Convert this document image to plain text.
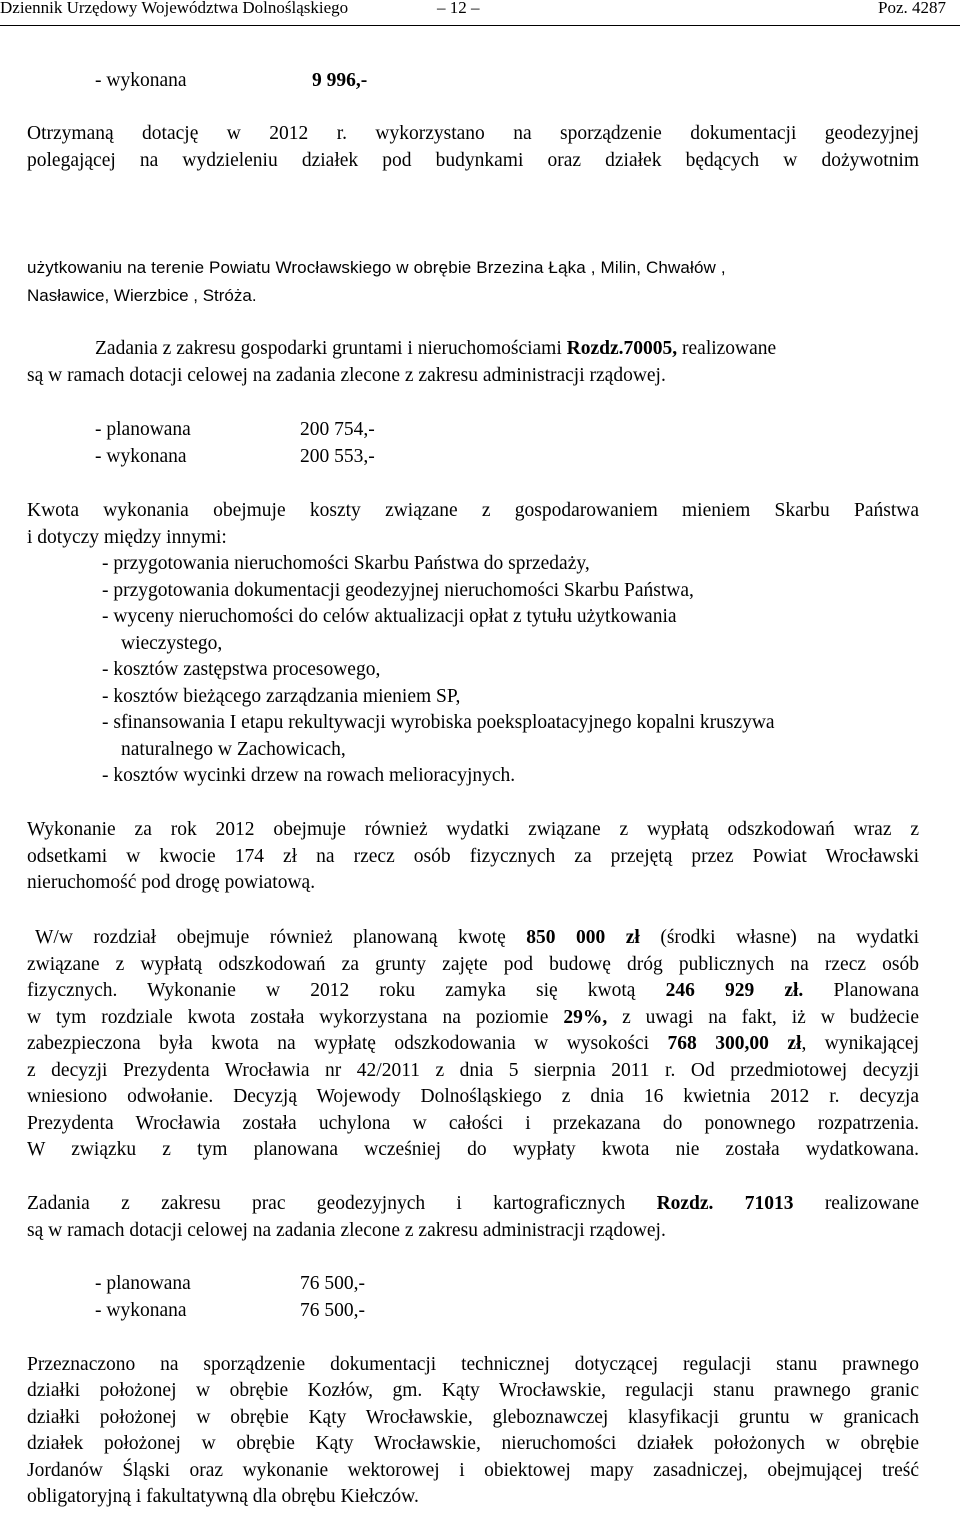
Dziennik Urzędowy Województwa Dolnośląskiego	– 12 –	Poz. 4287
- wykonana	9 996,-
Otrzymaną dotację w 2012 r. wykorzystano na sporządzenie dokumentacji geodezyjnej
polegającej na wydzieleniu działek pod budynkami oraz działek będących w dożywotnim
użytkowaniu na terenie Powiatu Wrocławskiego w obrębie Brzezina Łąka , Milin, Chwałów ,
Nasławice, Wierzbice , Stróża.
Zadania z zakresu gospodarki gruntami i nieruchomościami Rozdz.70005, realizowane
są w ramach dotacji celowej na zadania zlecone z zakresu administracji rządowej.
- planowana	200 754,-
- wykonana	200 553,-
Kwota wykonania obejmuje koszty związane z gospodarowaniem mieniem Skarbu Państwa
i dotyczy między innymi:
- przygotowania nieruchomości Skarbu Państwa do sprzedaży,
- przygotowania dokumentacji geodezyjnej nieruchomości Skarbu Państwa,
- wyceny nieruchomości do celów aktualizacji opłat z tytułu użytkowania
wieczystego,
- kosztów zastępstwa procesowego,
- kosztów bieżącego zarządzania mieniem SP,
- sfinansowania I etapu rekultywacji wyrobiska poeksploatacyjnego kopalni kruszywa
naturalnego w Zachowicach,
- kosztów wycinki drzew na rowach melioracyjnych.
Wykonanie za rok 2012 obejmuje również wydatki związane z wypłatą odszkodowań wraz z
odsetkami w kwocie 174 zł na rzecz osób fizycznych za przejętą przez Powiat Wrocławski
nieruchomość pod drogę powiatową.
W/w rozdział obejmuje również planowaną kwotę 850 000 zł (środki własne) na wydatki
związane z wypłatą odszkodowań za grunty zajęte pod budowę dróg publicznych na rzecz osób
fizycznych. Wykonanie w 2012 roku zamyka się kwotą 246 929 zł. Planowana
w tym rozdziale kwota została wykorzystana na poziomie 29%, z uwagi na fakt, iż w budżecie
zabezpieczona była kwota na wypłatę odszkodowania w wysokości 768 300,00 zł, wynikającej
z decyzji Prezydenta Wrocławia nr 42/2011 z dnia 5 sierpnia 2011 r. Od przedmiotowej decyzji
wniesiono odwołanie. Decyzją Wojewody Dolnośląskiego z dnia 16 kwietnia 2012 r. decyzja
Prezydenta Wrocławia została uchylona w całości i przekazana do ponownego rozpatrzenia.
W związku z tym planowana wcześniej do wypłaty kwota nie została wydatkowana.
Zadania z zakresu prac geodezyjnych i kartograficznych Rozdz. 71013 realizowane
są w ramach dotacji celowej na zadania zlecone z zakresu administracji rządowej.
- planowana	76 500,-
- wykonana	76 500,-
Przeznaczono na sporządzenie dokumentacji technicznej dotyczącej regulacji stanu prawnego
działki położonej w obrębie Kozłów, gm. Kąty Wrocławskie, regulacji stanu prawnego granic
działki położonej w obrębie Kąty Wrocławskie, gleboznawczej klasyfikacji gruntu w granicach
działek położonej w obrębie Kąty Wrocławskie, nieruchomości działek położonych w obrębie
Jordanów Śląski oraz wykonanie wektorowej i obiektowej mapy zasadniczej, obejmującej treść
obligatoryjną i fakultatywną dla obrębu Kiełczów.
